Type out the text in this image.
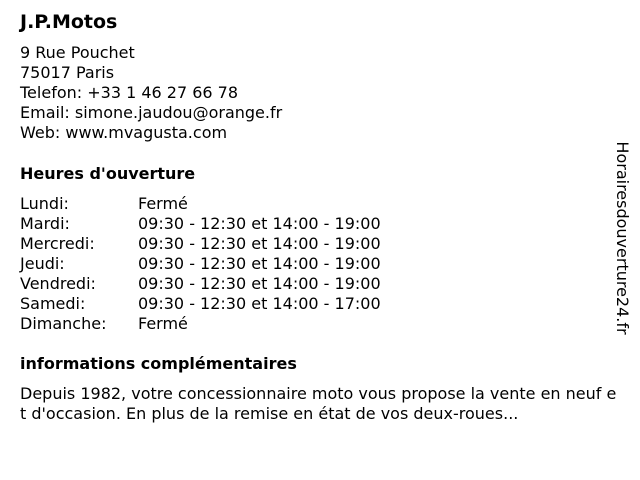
J.P.Motos
9 Rue Pouchet
75017 Paris
Telefon: +33 1 46 27 66 78
Email: simone.jaudou@orange.fr
Web: www.mvagusta.com
Heures d'ouverture
Lundi:	Fermé
Mardi:	09:30 - 12:30 et 14:00 - 19:00
Mercredi:	09:30 - 12:30 et 14:00 - 19:00
Jeudi:	09:30 - 12:30 et 14:00 - 19:00
Vendredi:	09:30 - 12:30 et 14:00 - 19:00
Samedi:	09:30 - 12:30 et 14:00 - 17:00
Dimanche: Fermé
informations complémentaires

Depuis 1982, votre concessionnaire moto vous propose la vente en neuf et d'occasion. En plus de la remise en état de vos deux-roues...

Horairesdouverture24.fr
